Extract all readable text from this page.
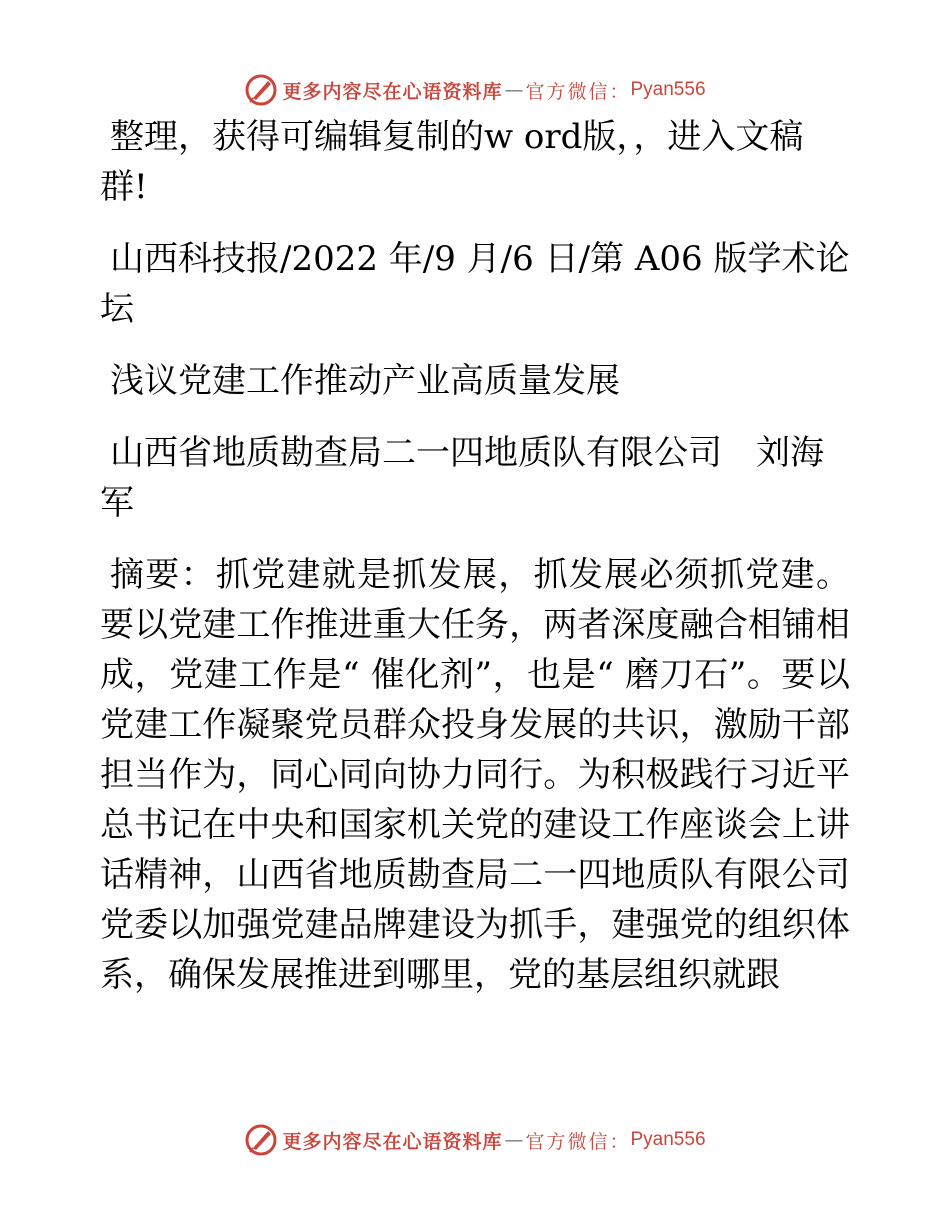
更多内容尽在心语资料库 — 官方微信： Pyan556

整理，获得可编辑复制的w ord版，，进入文稿群!

山西科技报/2022 年/9 月/6 日/第 A06 版学术论坛

浅议党建工作推动产业高质量发展

山西省地质勘查局二一四地质队有限公司　刘海军

摘要：抓党建就是抓发展，抓发展必须抓党建。要以党建工作推进重大任务，两者深度融合相铺相成，党建工作是“ 催化剂”，也是“ 磨刀石”。要以党建工作凝聚党员群众投身发展的共识，激励干部担当作为，同心同向协力同行。为积极践行习近平总书记在中央和国家机关党的建设工作座谈会上讲话精神，山西省地质勘查局二一四地质队有限公司党委以加强党建品牌建设为抓手，建强党的组织体系，确保发展推进到哪里，党的基层组织就跟

更多内容尽在心语资料库 — 官方微信： Pyan556
